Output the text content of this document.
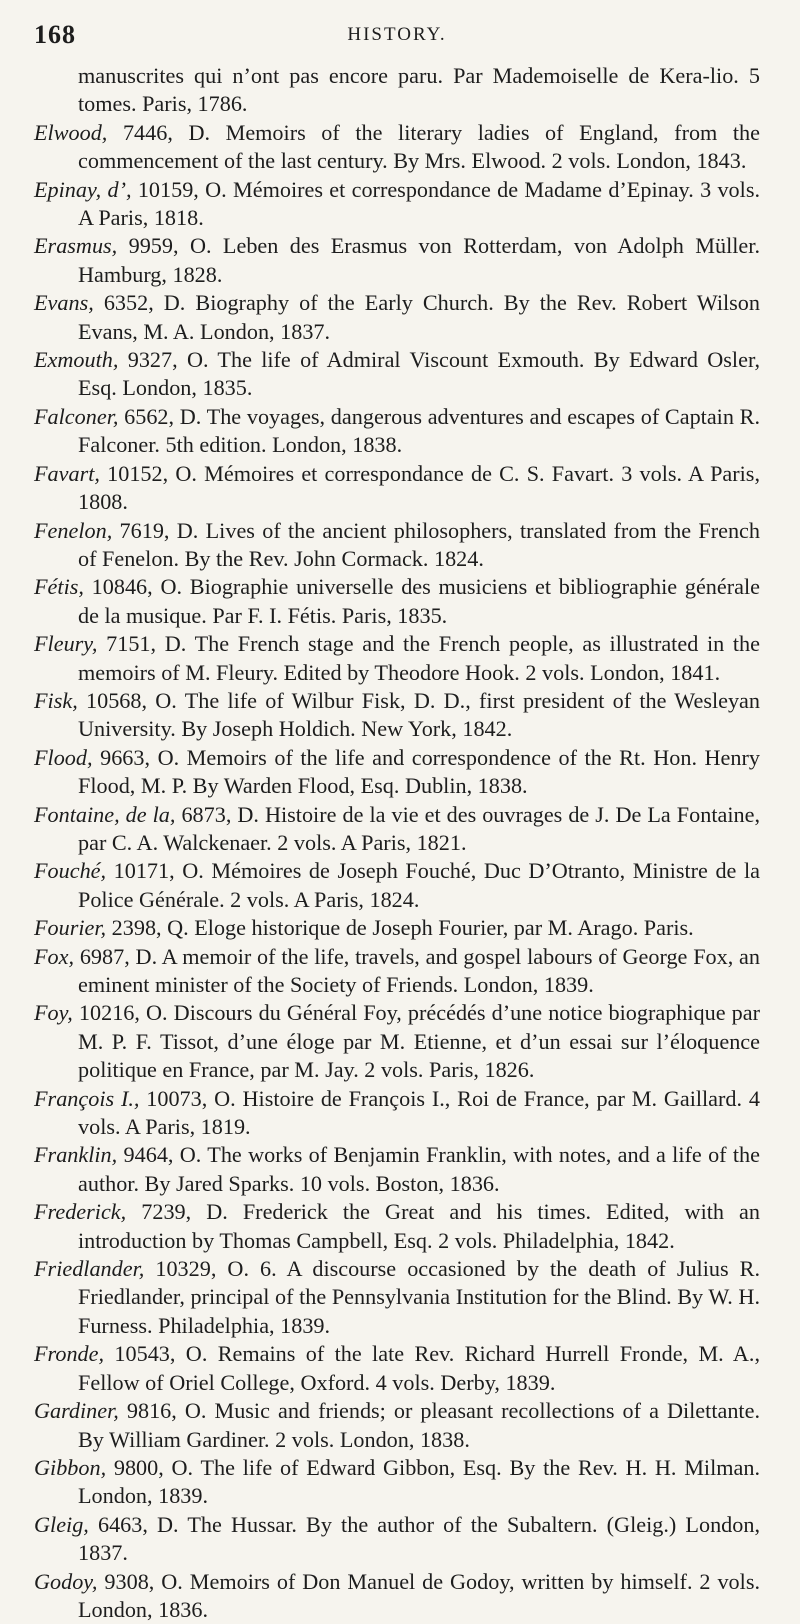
168	HISTORY.

manuscrites qui n’ont pas encore paru. Par Mademoiselle de Kera-lio. 5 tomes. Paris, 1786.

Elwood, 7446, D. Memoirs of the literary ladies of England, from the commencement of the last century. By Mrs. Elwood. 2 vols. London, 1843.

Epinay, d’, 10159, O. Mémoires et correspondance de Madame d’Epinay. 3 vols. A Paris, 1818.

Erasmus, 9959, O. Leben des Erasmus von Rotterdam, von Adolph Müller. Hamburg, 1828.

Evans, 6352, D. Biography of the Early Church. By the Rev. Robert Wilson Evans, M. A. London, 1837.

Exmouth, 9327, O. The life of Admiral Viscount Exmouth. By Edward Osler, Esq. London, 1835.

Falconer, 6562, D. The voyages, dangerous adventures and escapes of Captain R. Falconer. 5th edition. London, 1838.

Favart, 10152, O. Mémoires et correspondance de C. S. Favart. 3 vols. A Paris, 1808.

Fenelon, 7619, D. Lives of the ancient philosophers, translated from the French of Fenelon. By the Rev. John Cormack. 1824.

Fétis, 10846, O. Biographie universelle des musiciens et bibliographie générale de la musique. Par F. I. Fétis. Paris, 1835.

Fleury, 7151, D. The French stage and the French people, as illustrated in the memoirs of M. Fleury. Edited by Theodore Hook. 2 vols. London, 1841.

Fisk, 10568, O. The life of Wilbur Fisk, D. D., first president of the Wesleyan University. By Joseph Holdich. New York, 1842.

Flood, 9663, O. Memoirs of the life and correspondence of the Rt. Hon. Henry Flood, M. P. By Warden Flood, Esq. Dublin, 1838.

Fontaine, de la, 6873, D. Histoire de la vie et des ouvrages de J. De La Fontaine, par C. A. Walckenaer. 2 vols. A Paris, 1821.

Fouché, 10171, O. Mémoires de Joseph Fouché, Duc D’Otranto, Ministre de la Police Générale. 2 vols. A Paris, 1824.

Fourier, 2398, Q. Eloge historique de Joseph Fourier, par M. Arago. Paris.

Fox, 6987, D. A memoir of the life, travels, and gospel labours of George Fox, an eminent minister of the Society of Friends. London, 1839.

Foy, 10216, O. Discours du Général Foy, précédés d’une notice biographique par M. P. F. Tissot, d’une éloge par M. Etienne, et d’un essai sur l’éloquence politique en France, par M. Jay. 2 vols. Paris, 1826.

François I., 10073, O. Histoire de François I., Roi de France, par M. Gaillard. 4 vols. A Paris, 1819.

Franklin, 9464, O. The works of Benjamin Franklin, with notes, and a life of the author. By Jared Sparks. 10 vols. Boston, 1836.

Frederick, 7239, D. Frederick the Great and his times. Edited, with an introduction by Thomas Campbell, Esq. 2 vols. Philadelphia, 1842.

Friedlander, 10329, O. 6. A discourse occasioned by the death of Julius R. Friedlander, principal of the Pennsylvania Institution for the Blind. By W. H. Furness. Philadelphia, 1839.

Fronde, 10543, O. Remains of the late Rev. Richard Hurrell Fronde, M. A., Fellow of Oriel College, Oxford. 4 vols. Derby, 1839.

Gardiner, 9816, O. Music and friends; or pleasant recollections of a Dilettante. By William Gardiner. 2 vols. London, 1838.

Gibbon, 9800, O. The life of Edward Gibbon, Esq. By the Rev. H. H. Milman. London, 1839.

Gleig, 6463, D. The Hussar. By the author of the Subaltern. (Gleig.) London, 1837.

Godoy, 9308, O. Memoirs of Don Manuel de Godoy, written by himself. 2 vols. London, 1836.
